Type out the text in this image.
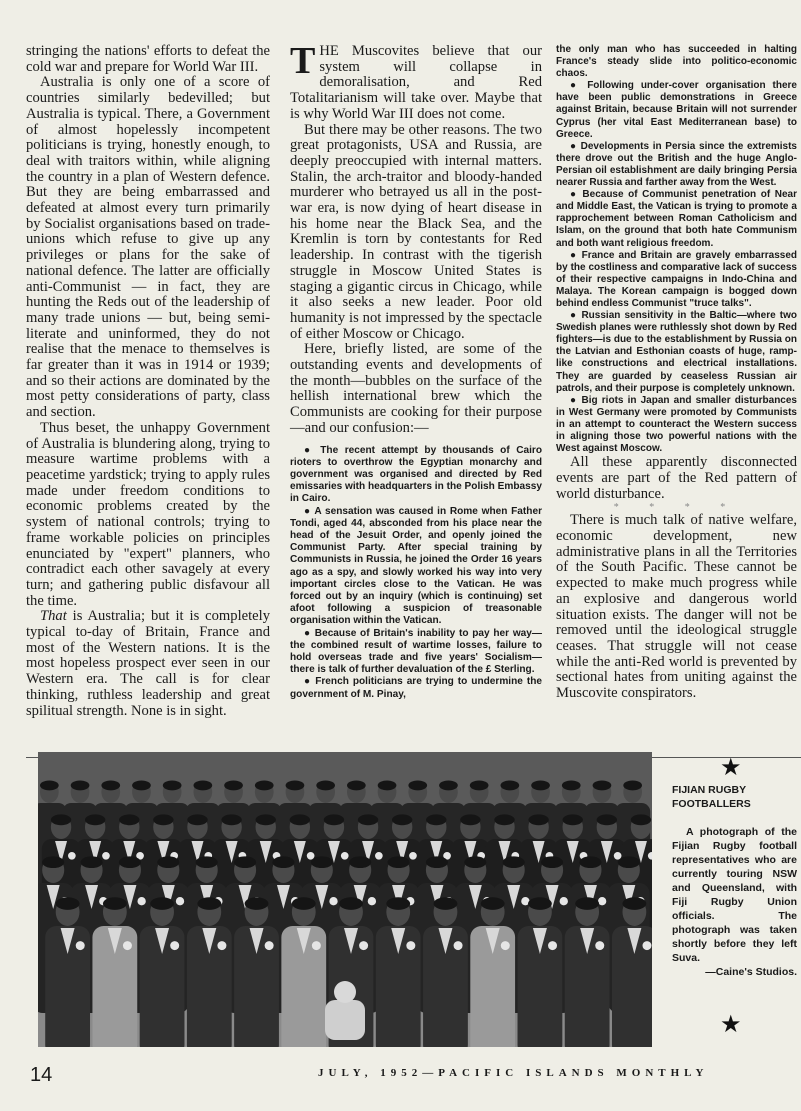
stringing the nations' efforts to defeat the cold war and prepare for World War III.

Australia is only one of a score of countries similarly bedevilled; but Australia is typical. There, a Government of almost hopelessly incompetent politicians is trying, honestly enough, to deal with traitors within, while aligning the country in a plan of Western defence. But they are being embarrassed and defeated at almost every turn primarily by Socialist organisations based on trade-unions which refuse to give up any privileges or plans for the sake of national defence. The latter are officially anti-Communist — in fact, they are hunting the Reds out of the leadership of many trade unions — but, being semi-literate and uninformed, they do not realise that the menace to themselves is far greater than it was in 1914 or 1939; and so their actions are dominated by the most petty considerations of party, class and section.

Thus beset, the unhappy Government of Australia is blundering along, trying to measure wartime problems with a peacetime yardstick; trying to apply rules made under freedom conditions to economic problems created by the system of national controls; trying to frame workable policies on principles enunciated by "expert" planners, who contradict each other savagely at every turn; and gathering public disfavour all the time.

That is Australia; but it is completely typical to-day of Britain, France and most of the Western nations. It is the most hopeless prospect ever seen in our Western era. The call is for clear thinking, ruthless leadership and great spilitual strength. None is in sight.

THE Muscovites believe that our system will collapse in demoralisation, and Red Totalitarianism will take over. Maybe that is why World War III does not come.

But there may be other reasons. The two great protagonists, USA and Russia, are deeply preoccupied with internal matters. Stalin, the arch-traitor and bloody-handed murderer who betrayed us all in the post-war era, is now dying of heart disease in his home near the Black Sea, and the Kremlin is torn by contestants for Red leadership. In contrast with the tigerish struggle in Moscow United States is staging a gigantic circus in Chicago, while it also seeks a new leader. Poor old humanity is not impressed by the spectacle of either Moscow or Chicago.

Here, briefly listed, are some of the outstanding events and developments of the month—bubbles on the surface of the hellish international brew which the Communists are cooking for their purpose—and our confusion:—

● The recent attempt by thousands of Cairo rioters to overthrow the Egyptian monarchy and government was organised and directed by Red emissaries with headquarters in the Polish Embassy in Cairo.

● A sensation was caused in Rome when Father Tondi, aged 44, absconded from his place near the head of the Jesuit Order, and openly joined the Communist Party. After special training by Communists in Russia, he joined the Order 16 years ago as a spy, and slowly worked his way into very important circles close to the Vatican. He was forced out by an inquiry (which is continuing) set afoot following a suspicion of treasonable organisation within the Vatican.

● Because of Britain's inability to pay her way—the combined result of wartime losses, failure to hold overseas trade and five years' Socialism—there is talk of further devaluation of the £ Sterling.

● French politicians are trying to undermine the government of M. Pinay,

the only man who has succeeded in halting France's steady slide into politico-economic chaos.

● Following under-cover organisation there have been public demonstrations in Greece against Britain, because Britain will not surrender Cyprus (her vital East Mediterranean base) to Greece.

● Developments in Persia since the extremists there drove out the British and the huge Anglo-Persian oil establishment are daily bringing Persia nearer Russia and farther away from the West.

● Because of Communist penetration of Near and Middle East, the Vatican is trying to promote a rapprochement between Roman Catholicism and Islam, on the ground that both hate Communism and both want religious freedom.

● France and Britain are gravely embarrassed by the costliness and comparative lack of success of their respective campaigns in Indo-China and Malaya. The Korean campaign is bogged down behind endless Communist "truce talks".

● Russian sensitivity in the Baltic—where two Swedish planes were ruthlessly shot down by Red fighters—is due to the establishment by Russia on the Latvian and Esthonian coasts of huge, ramp-like constructions and electrical installations. They are guarded by ceaseless Russian air patrols, and their purpose is completely unknown.

● Big riots in Japan and smaller disturbances in West Germany were promoted by Communists in an attempt to counteract the Western success in aligning those two powerful nations with the West against Moscow.

All these apparently disconnected events are part of the Red pattern of world disturbance.

* * * *

There is much talk of native welfare, economic development, new administrative plans in all the Territories of the South Pacific. These cannot be expected to make much progress while an explosive and dangerous world situation exists. The danger will not be removed until the ideological struggle ceases. That struggle will not cease while the anti-Red world is prevented by sectional hates from uniting against the Muscovite conspirators.

★

FIJIAN RUGBY FOOTBALLERS

A photograph of the Fijian Rugby football representatives who are currently touring NSW and Queensland, with Fiji Rugby Union officials. The photograph was taken shortly before they left Suva.

—Caine's Studios.

★
14	JULY, 1952—PACIFIC ISLANDS MONTHLY
